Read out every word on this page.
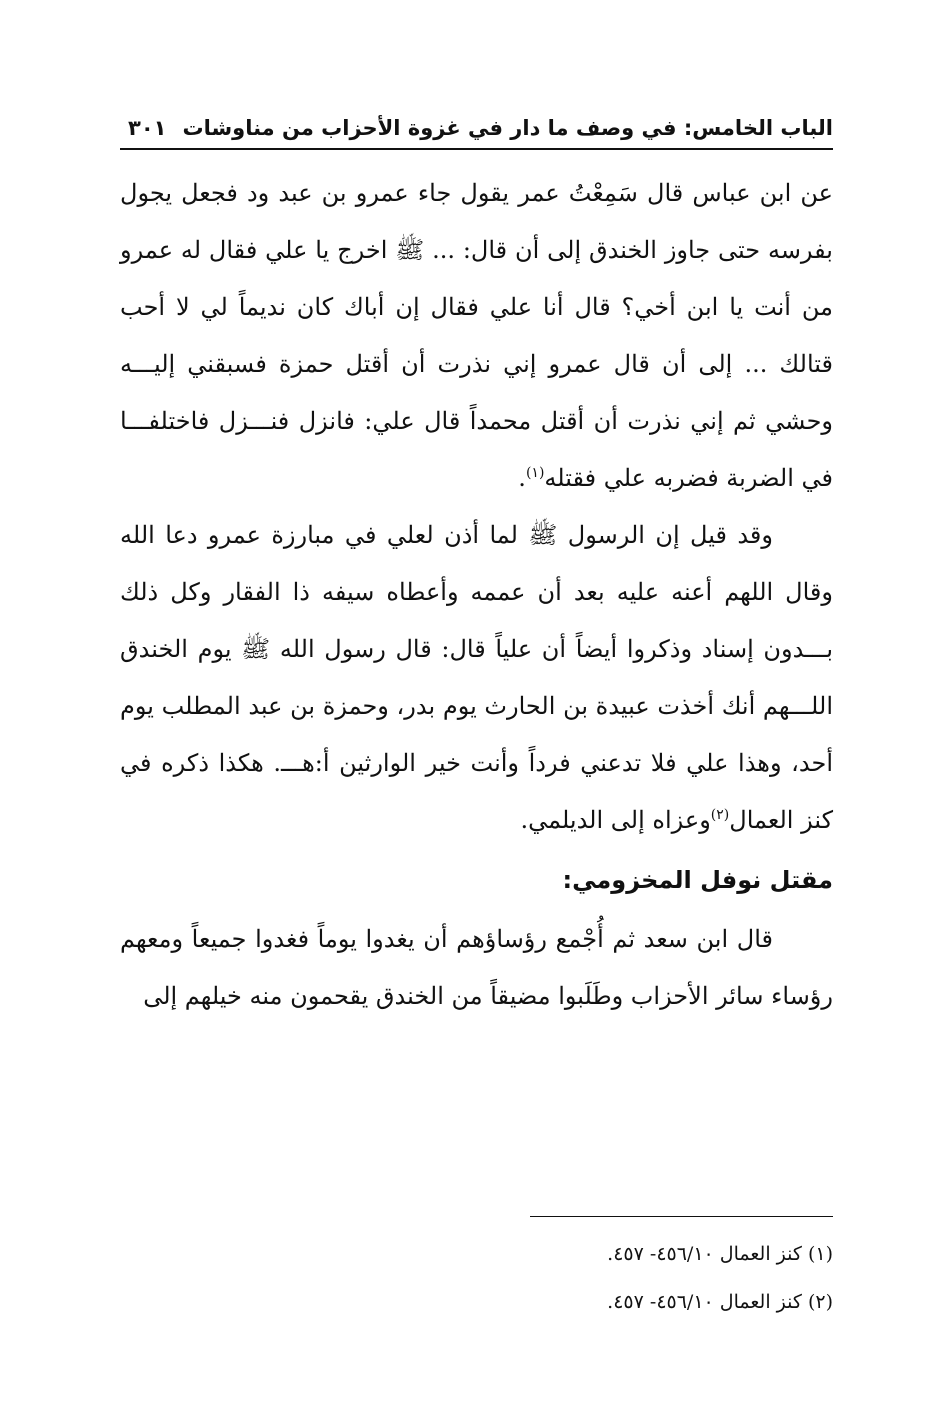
الباب الخامس: في وصف ما دار في غزوة الأحزاب من مناوشات
٣٠١

عن ابن عباس قال سَمِعْتُ عمر يقول جاء عمرو بن عبد ود فجعل يجول بفرسه حتى جاوز الخندق إلى أن قال: ... ﷺ اخرج يا علي فقال له عمرو من أنت يا ابن أخي؟ قال أنا علي فقال إن أباك كان نديماً لي لا أحب قتالك ... إلى أن قال عمرو إني نذرت أن أقتل حمزة فسبقني إليـــه وحشي ثم إني نذرت أن أقتل محمداً قال علي: فانزل فنـــزل فاختلفـــا في الضربة فضربه علي فقتله$^{(١)}$.

وقد قيل إن الرسول ﷺ لما أذن لعلي في مبارزة عمرو دعا الله وقال اللهم أعنه عليه بعد أن عممه وأعطاه سيفه ذا الفقار وكل ذلك بـــدون إسناد وذكروا أيضاً أن علياً قال: قال رسول الله ﷺ يوم الخندق اللـــهم أنك أخذت عبيدة بن الحارث يوم بدر، وحمزة بن عبد المطلب يوم أحد، وهذا علي فلا تدعني فرداً وأنت خير الوارثين أ:هـــ. هكذا ذكره في كنز العمال$^{(٢)}$وعزاه إلى الديلمي.

مقتل نوفل المخزومي:

قال ابن سعد ثم أُجْمع رؤساؤهم أن يغدوا يوماً فغدوا جميعاً ومعهم رؤساء سائر الأحزاب وطَلَبوا مضيقاً من الخندق يقحمون منه خيلهم إلى

(١) كنز العمال ٤٥٦/١٠- ٤٥٧.

(٢) كنز العمال ٤٥٦/١٠- ٤٥٧.
